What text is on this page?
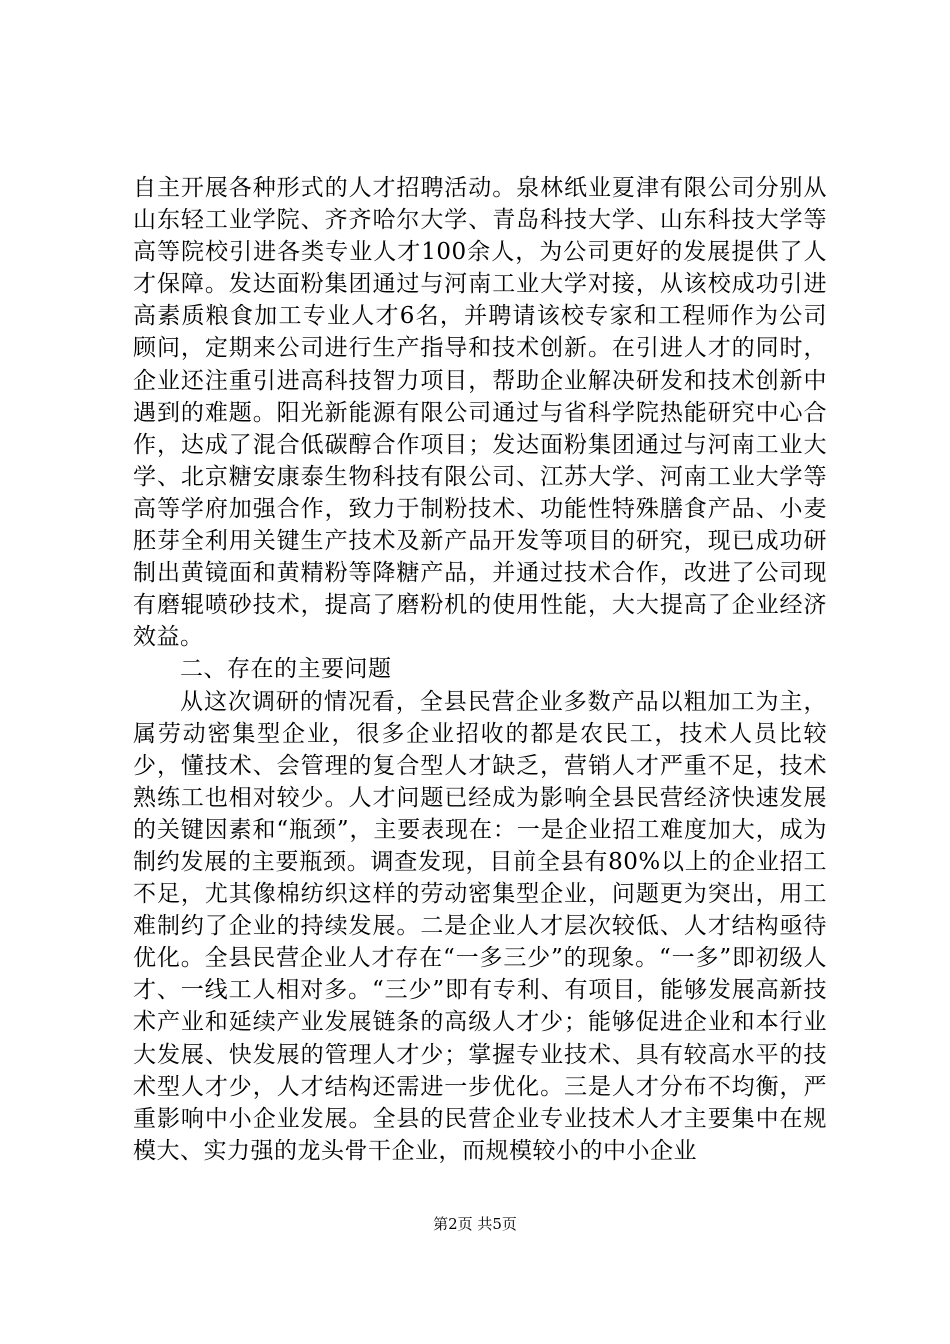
自主开展各种形式的人才招聘活动。泉林纸业夏津有限公司分别从山东轻工业学院、齐齐哈尔大学、青岛科技大学、山东科技大学等高等院校引进各类专业人才100余人，为公司更好的发展提供了人才保障。发达面粉集团通过与河南工业大学对接，从该校成功引进高素质粮食加工专业人才6名，并聘请该校专家和工程师作为公司顾问，定期来公司进行生产指导和技术创新。在引进人才的同时，企业还注重引进高科技智力项目，帮助企业解决研发和技术创新中遇到的难题。阳光新能源有限公司通过与省科学院热能研究中心合作，达成了混合低碳醇合作项目；发达面粉集团通过与河南工业大学、北京糖安康泰生物科技有限公司、江苏大学、河南工业大学等高等学府加强合作，致力于制粉技术、功能性特殊膳食产品、小麦胚芽全利用关键生产技术及新产品开发等项目的研究，现已成功研制出黄镜面和黄精粉等降糖产品，并通过技术合作，改进了公司现有磨辊喷砂技术，提高了磨粉机的使用性能，大大提高了企业经济效益。

二、存在的主要问题

从这次调研的情况看，全县民营企业多数产品以粗加工为主，属劳动密集型企业，很多企业招收的都是农民工，技术人员比较少，懂技术、会管理的复合型人才缺乏，营销人才严重不足，技术熟练工也相对较少。人才问题已经成为影响全县民营经济快速发展的关键因素和“瓶颈”，主要表现在：一是企业招工难度加大，成为制约发展的主要瓶颈。调查发现，目前全县有80%以上的企业招工不足，尤其像棉纺织这样的劳动密集型企业，问题更为突出，用工难制约了企业的持续发展。二是企业人才层次较低、人才结构亟待优化。全县民营企业人才存在“一多三少”的现象。“一多”即初级人才、一线工人相对多。“三少”即有专利、有项目，能够发展高新技术产业和延续产业发展链条的高级人才少；能够促进企业和本行业大发展、快发展的管理人才少；掌握专业技术、具有较高水平的技术型人才少，人才结构还需进一步优化。三是人才分布不均衡，严重影响中小企业发展。全县的民营企业专业技术人才主要集中在规模大、实力强的龙头骨干企业，而规模较小的中小企业

第2页 共5页
